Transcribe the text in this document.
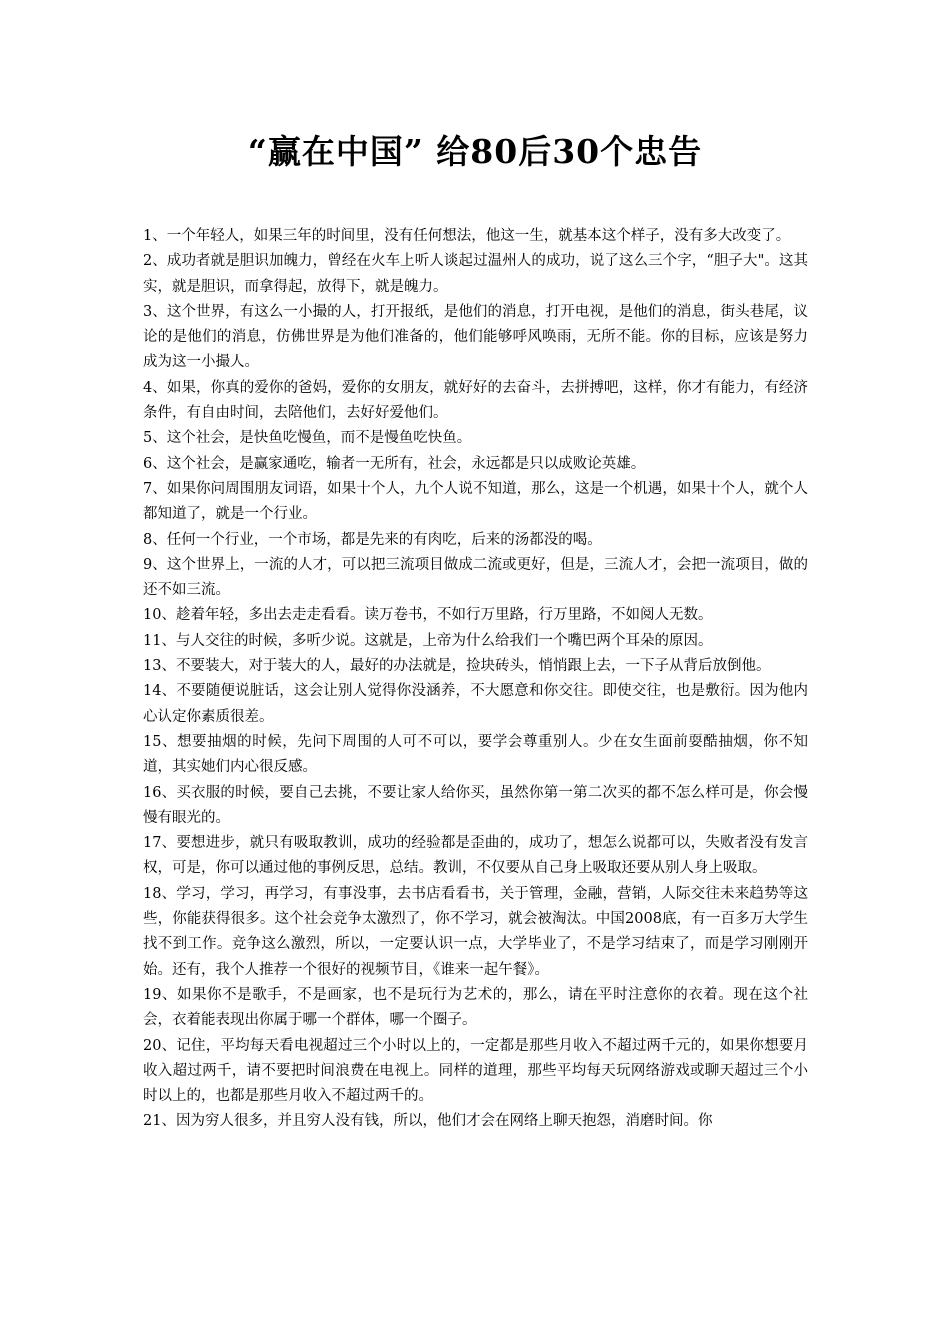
“赢在中国” 给80后30个忠告

1、一个年轻人，如果三年的时间里，没有任何想法，他这一生，就基本这个样子，没有多大改变了。

2、成功者就是胆识加魄力，曾经在火车上听人谈起过温州人的成功，说了这么三个字，“胆子大"。这其实，就是胆识，而拿得起，放得下，就是魄力。

3、这个世界，有这么一小撮的人，打开报纸，是他们的消息，打开电视，是他们的消息，街头巷尾，议论的是他们的消息，仿佛世界是为他们准备的，他们能够呼风唤雨，无所不能。你的目标，应该是努力成为这一小撮人。

4、如果，你真的爱你的爸妈，爱你的女朋友，就好好的去奋斗，去拼搏吧，这样，你才有能力，有经济条件，有自由时间，去陪他们，去好好爱他们。

5、这个社会，是快鱼吃慢鱼，而不是慢鱼吃快鱼。

6、这个社会，是赢家通吃，输者一无所有，社会，永远都是只以成败论英雄。

7、如果你问周围朋友词语，如果十个人，九个人说不知道，那么，这是一个机遇，如果十个人，就个人都知道了，就是一个行业。

8、任何一个行业，一个市场，都是先来的有肉吃，后来的汤都没的喝。

9、这个世界上，一流的人才，可以把三流项目做成二流或更好，但是，三流人才，会把一流项目，做的还不如三流。

10、趁着年轻，多出去走走看看。读万卷书，不如行万里路，行万里路，不如阅人无数。

11、与人交往的时候，多听少说。这就是，上帝为什么给我们一个嘴巴两个耳朵的原因。

13、不要装大，对于装大的人，最好的办法就是，捡块砖头，悄悄跟上去，一下子从背后放倒他。

14、不要随便说脏话，这会让别人觉得你没涵养，不大愿意和你交往。即使交往，也是敷衍。因为他内心认定你素质很差。

15、想要抽烟的时候，先问下周围的人可不可以，要学会尊重别人。少在女生面前耍酷抽烟，你不知道，其实她们内心很反感。

16、买衣服的时候，要自己去挑，不要让家人给你买，虽然你第一第二次买的都不怎么样可是，你会慢慢有眼光的。

17、要想进步，就只有吸取教训，成功的经验都是歪曲的，成功了，想怎么说都可以，失败者没有发言权，可是，你可以通过他的事例反思，总结。教训，不仅要从自己身上吸取还要从别人身上吸取。

18、学习，学习，再学习，有事没事，去书店看看书，关于管理，金融，营销，人际交往未来趋势等这些，你能获得很多。这个社会竞争太激烈了，你不学习，就会被淘汰。中国2008底，有一百多万大学生找不到工作。竞争这么激烈，所以，一定要认识一点，大学毕业了，不是学习结束了，而是学习刚刚开始。还有，我个人推荐一个很好的视频节目，《谁来一起午餐》。

19、如果你不是歌手，不是画家，也不是玩行为艺术的，那么，请在平时注意你的衣着。现在这个社会，衣着能表现出你属于哪一个群体，哪一个圈子。

20、记住，平均每天看电视超过三个小时以上的，一定都是那些月收入不超过两千元的，如果你想要月收入超过两千，请不要把时间浪费在电视上。同样的道理，那些平均每天玩网络游戏或聊天超过三个小时以上的，也都是那些月收入不超过两千的。

21、因为穷人很多，并且穷人没有钱，所以，他们才会在网络上聊天抱怨，消磨时间。你
